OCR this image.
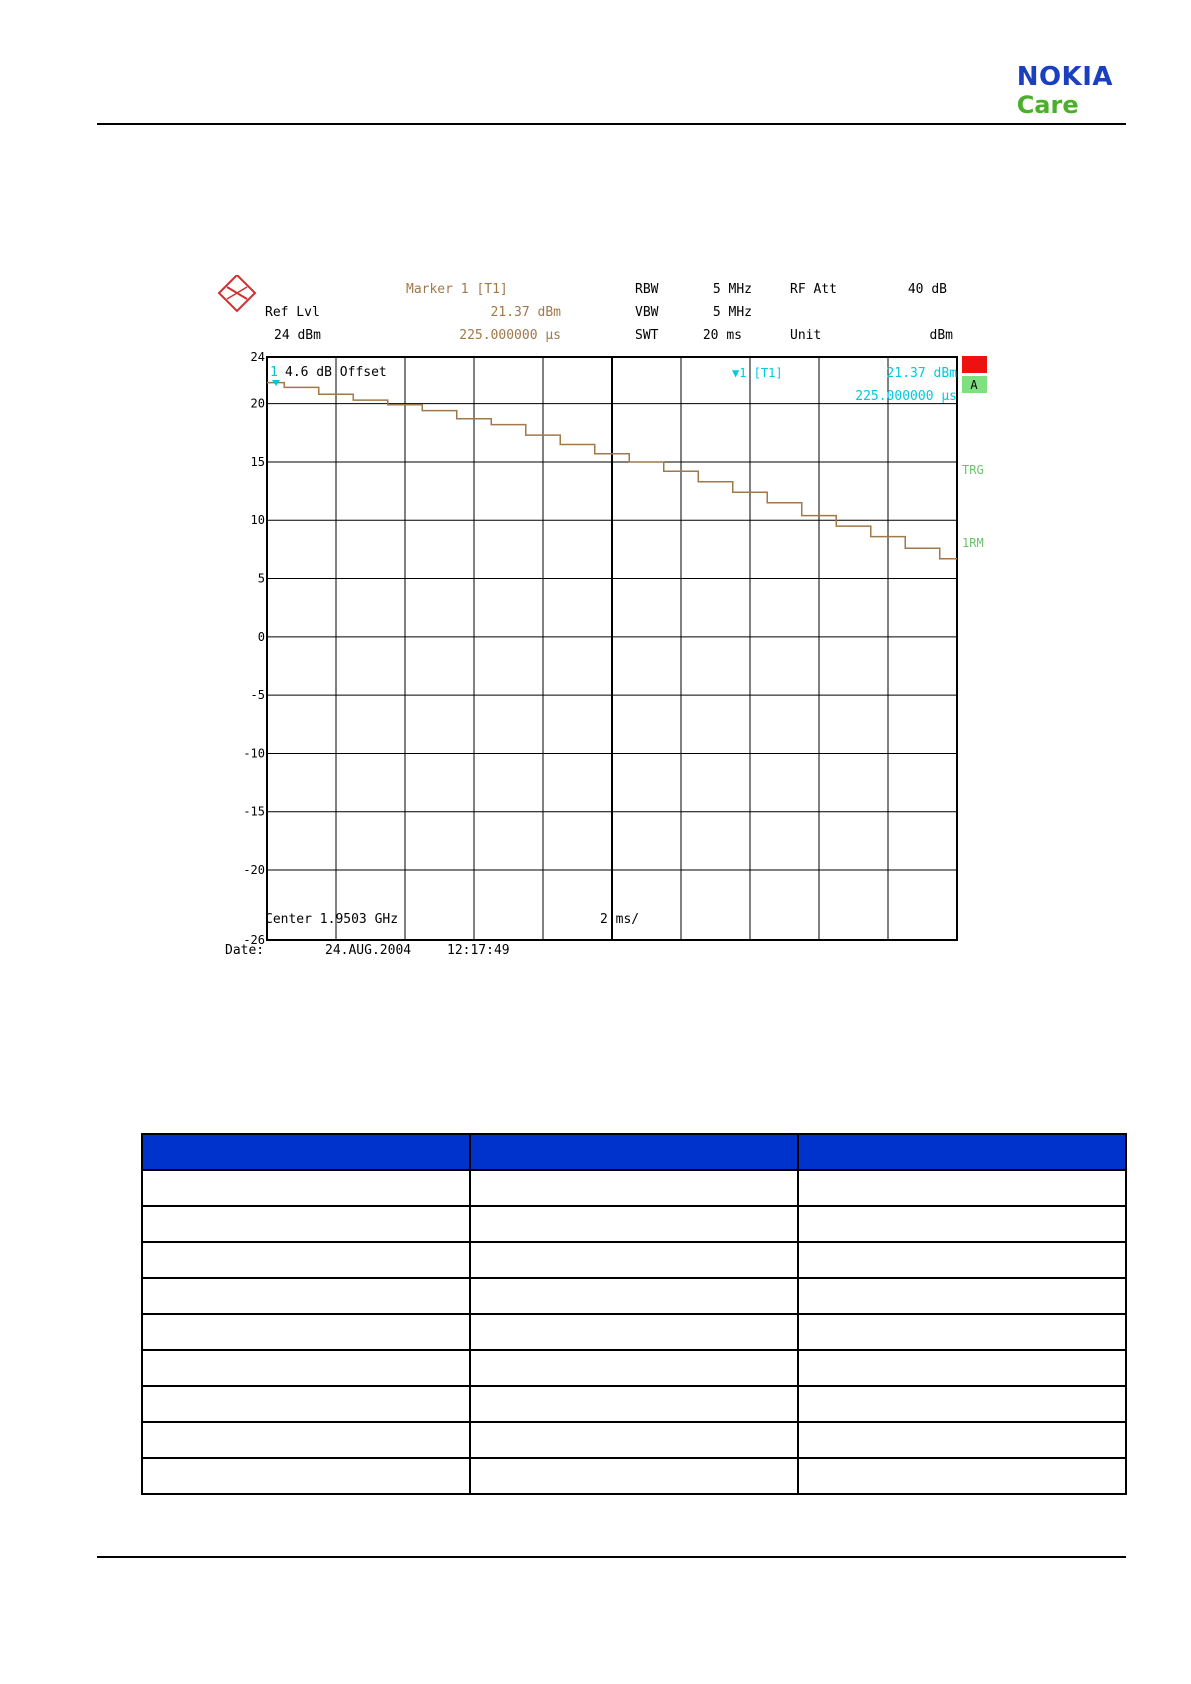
NOKIA
Care
Marker 1 [T1]
Ref Lvl
24 dBm
21.37 dBm
225.000000 µs
RBW
VBW
SWT
5 MHz
5 MHz
20 ms
RF Att
Unit
40 dB
dBm
24
20
15
10
5
0
-5
-10
-15
-20
-26
1 4.6 dB Offset	▼1 [T1]	21.37 dBm
225.000000 µs
A
TRG
1RM
Center 1.9503 GHz	2 ms/
Date:	24.AUG.2004	12:17:49
